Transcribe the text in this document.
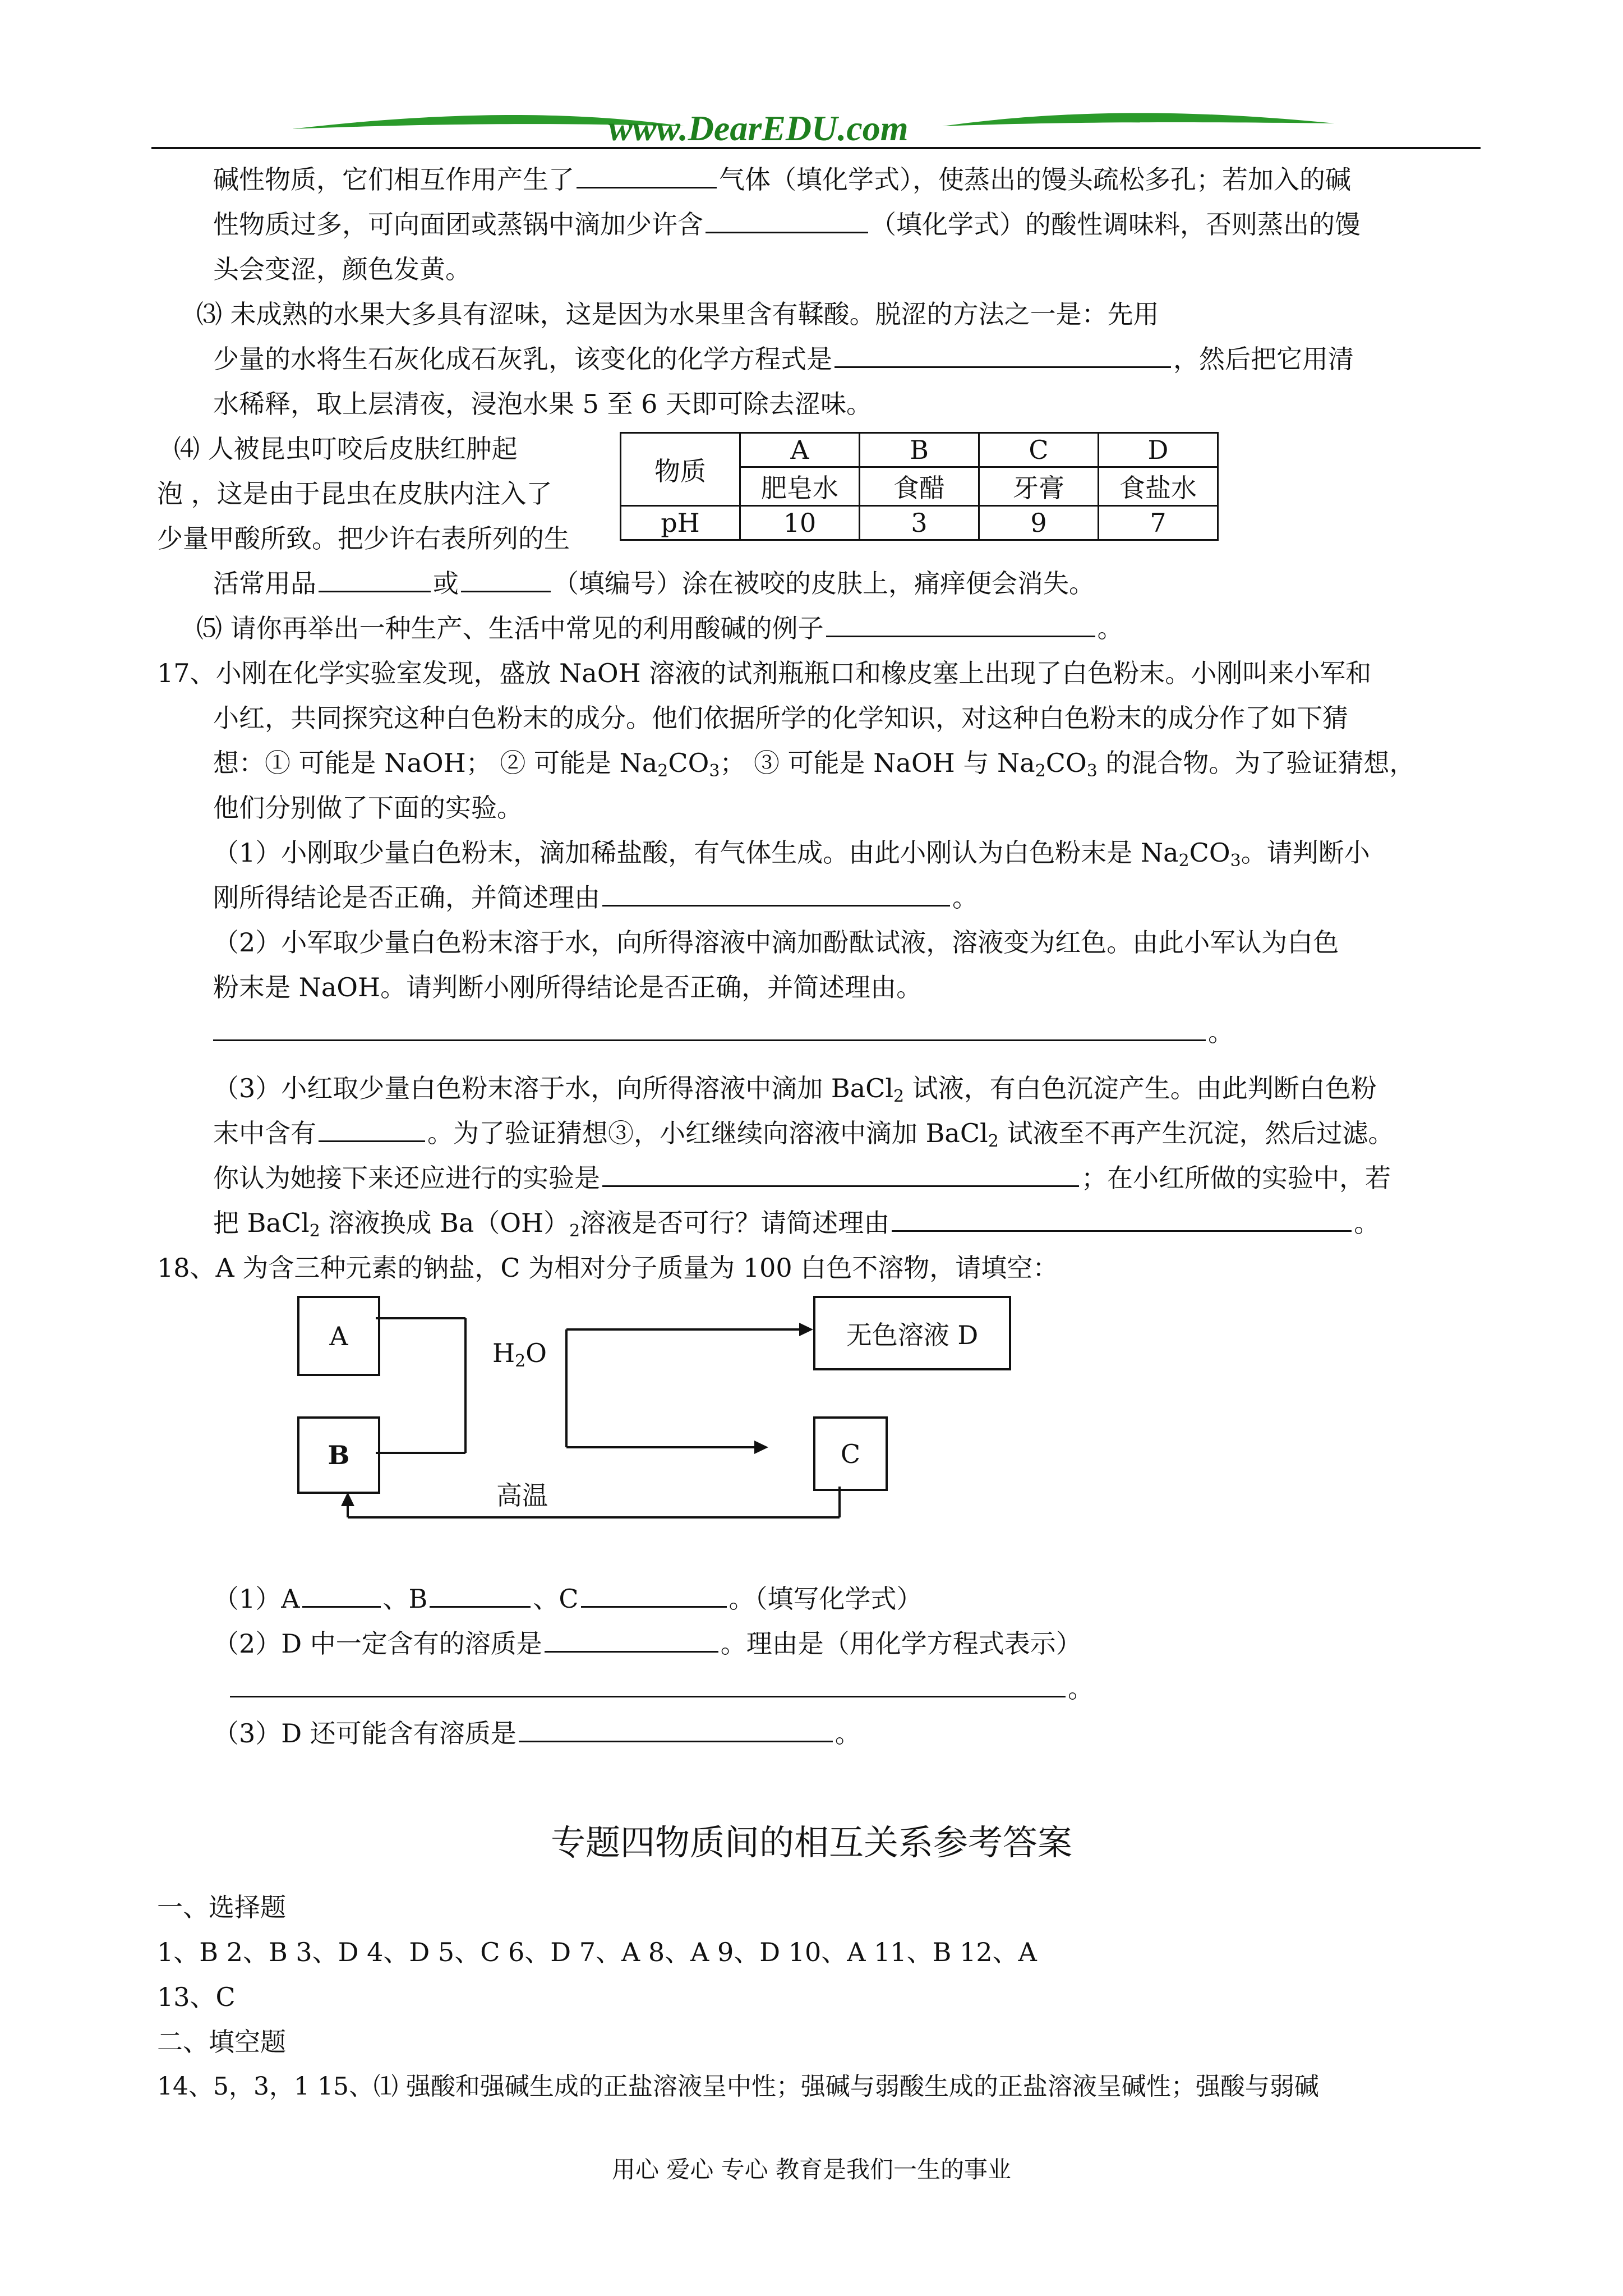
www.DearEDU.com
碱性物质，它们相互作用产生了	气体（填化学式），使蒸出的馒头疏松多孔；若加入的碱
性物质过多，可向面团或蒸锅中滴加少许含	（填化学式）的酸性调味料，否则蒸出的馒
头会变涩，颜色发黄。
⑶ 未成熟的水果大多具有涩味，这是因为水果里含有鞣酸。脱涩的方法之一是：先用
少量的水将生石灰化成石灰乳，该变化的化学方程式是	，然后把它用清
水稀释，取上层清夜，浸泡水果 5 至 6 天即可除去涩味。
⑷ 人被昆虫叮咬后皮肤红肿起
泡 ，这是由于昆虫在皮肤内注入了
少量甲酸所致。把少许右表所列的生
物质	A	B	C	D
	肥皂水	食醋	牙膏	食盐水
pH	10	3	9	7
活常用品	或	（填编号）涂在被咬的皮肤上，痛痒便会消失。
⑸ 请你再举出一种生产、生活中常见的利用酸碱的例子	。
17、小刚在化学实验室发现，盛放 NaOH 溶液的试剂瓶瓶口和橡皮塞上出现了白色粉末。小刚叫来小军和
小红，共同探究这种白色粉末的成分。他们依据所学的化学知识，对这种白色粉末的成分作了如下猜
想：① 可能是 NaOH； ② 可能是 $Na_2CO_3$； ③ 可能是 NaOH 与 $Na_2CO_3$ 的混合物。为了验证猜想，
他们分别做了下面的实验。
（1）小刚取少量白色粉末，滴加稀盐酸，有气体生成。由此小刚认为白色粉末是 $Na_2CO_3$。请判断小
刚所得结论是否正确，并简述理由	。
（2）小军取少量白色粉末溶于水，向所得溶液中滴加酚酞试液，溶液变为红色。由此小军认为白色
粉末是 NaOH。请判断小刚所得结论是否正确，并简述理由。
。
（3）小红取少量白色粉末溶于水，向所得溶液中滴加 BaCl$_2$ 试液，有白色沉淀产生。由此判断白色粉
末中含有	。为了验证猜想③，小红继续向溶液中滴加 BaCl$_2$ 试液至不再产生沉淀，然后过滤。
你认为她接下来还应进行的实验是	；在小红所做的实验中，若
把 BaCl$_2$ 溶液换成 $Ba(OH)_2$溶液是否可行？请简述理由	。
18、A 为含三种元素的钠盐，C 为相对分子质量为 100 白色不溶物，请填空：
A
B
无色溶液 D
C
$H_2O$
高温
（1）A	、B	、C	。（填写化学式）
（2）D 中一定含有的溶质是	。理由是（用化学方程式表示）
。
（3）D 还可能含有溶质是	。
专题四物质间的相互关系参考答案
一、选择题
1、B 2、B 3、D 4、D 5、C 6、D 7、A 8、A 9、D 10、A 11、B 12、A
13、C
二、填空题
14、5，3，1 15、⑴ 强酸和强碱生成的正盐溶液呈中性；强碱与弱酸生成的正盐溶液呈碱性；强酸与弱碱
用心 爱心 专心 教育是我们一生的事业
